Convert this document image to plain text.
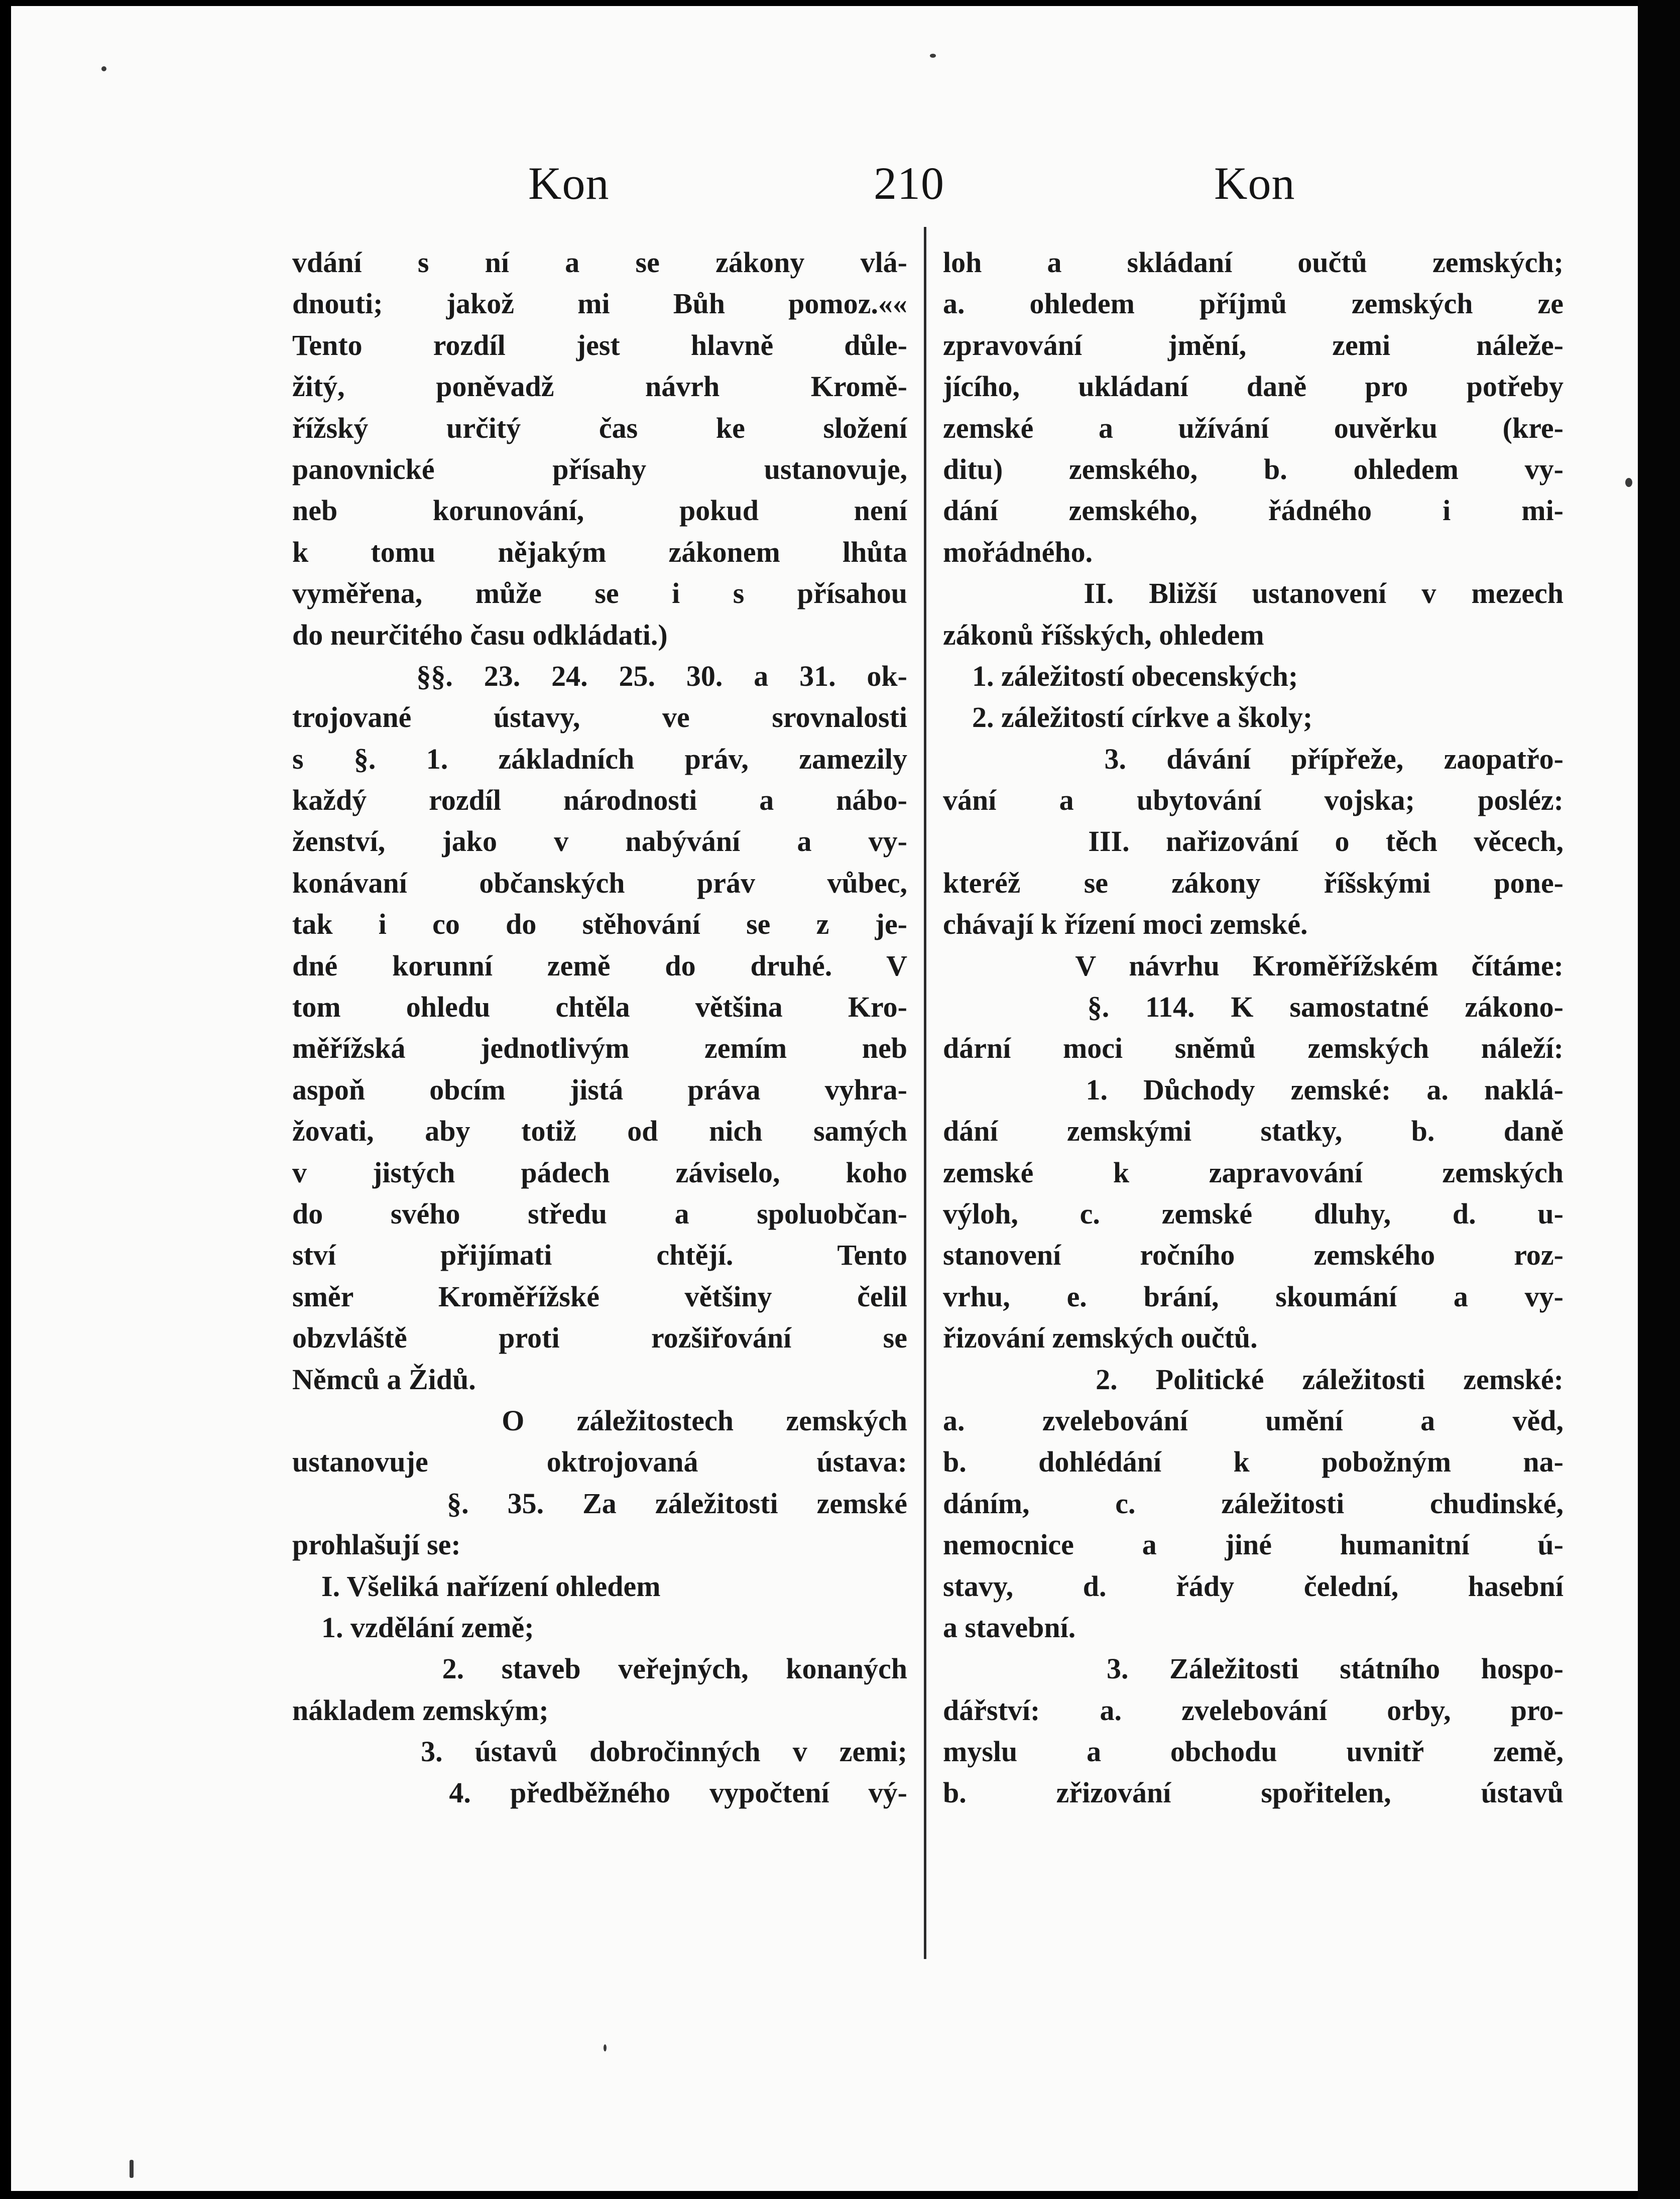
Kon	210	Kon
vdání s ní a se zákony vlá-
dnouti; jakož mi Bůh pomoz.««
Tento rozdíl jest hlavně důle-
žitý, poněvadž návrh Kromě-
řížský určitý čas ke složení
panovnické přísahy ustanovuje,
neb korunování, pokud není
k tomu nějakým zákonem lhůta
vyměřena, může se i s přísahou
do neurčitého času odkládati.)
§§. 23. 24. 25. 30. a 31. ok-
trojované ústavy, ve srovnalosti
s §. 1. základních práv, zamezily
každý rozdíl národnosti a nábo-
ženství, jako v nabývání a vy-
konávaní občanských práv vůbec,
tak i co do stěhování se z je-
dné korunní země do druhé. V
tom ohledu chtěla většina Kro-
měřížská jednotlivým zemím neb
aspoň obcím jistá práva vyhra-
žovati, aby totiž od nich samých
v jistých pádech záviselo, koho
do svého středu a spoluobčan-
ství přijímati chtějí. Tento
směr Kroměřížské většiny čelil
obzvláště proti rozšiřování se
Němců a Židů.
O záležitostech zemských
ustanovuje oktrojovaná ústava:
§. 35. Za záležitosti zemské
prohlašují se:
I. Všeliká nařízení ohledem
1. vzdělání země;
2. staveb veřejných, konaných
nákladem zemským;
3. ústavů dobročinných v zemi;
4. předběžného vypočtení vý-
loh a skládaní oučtů zemských;
a. ohledem příjmů zemských ze
zpravování jmění, zemi náleže-
jícího, ukládaní daně pro potřeby
zemské a užívání ouvěrku (kre-
ditu) zemského, b. ohledem vy-
dání zemského, řádného i mi-
mořádného.
II. Bližší ustanovení v mezech
zákonů říšských, ohledem
1. záležitostí obecenských;
2. záležitostí církve a školy;
3. dávání přípřeže, zaopatřo-
vání a ubytování vojska; posléz:
III. nařizování o těch věcech,
kteréž se zákony říšskými pone-
chávají k řízení moci zemské.
V návrhu Kroměřížském čítáme:
§. 114. K samostatné zákono-
dární moci sněmů zemských náleží:
1. Důchody zemské: a. naklá-
dání zemskými statky, b. daně
zemské k zapravování zemských
výloh, c. zemské dluhy, d. u-
stanovení ročního zemského roz-
vrhu, e. brání, skoumání a vy-
řizování zemských oučtů.
2. Politické záležitosti zemské:
a. zvelebování umění a věd,
b. dohlédání k pobožným na-
dáním, c. záležitosti chudinské,
nemocnice a jiné humanitní ú-
stavy, d. řády čelední, hasební
a stavební.
3. Záležitosti státního hospo-
dářství: a. zvelebování orby, pro-
myslu a obchodu uvnitř země,
b. zřizování spořitelen, ústavů
